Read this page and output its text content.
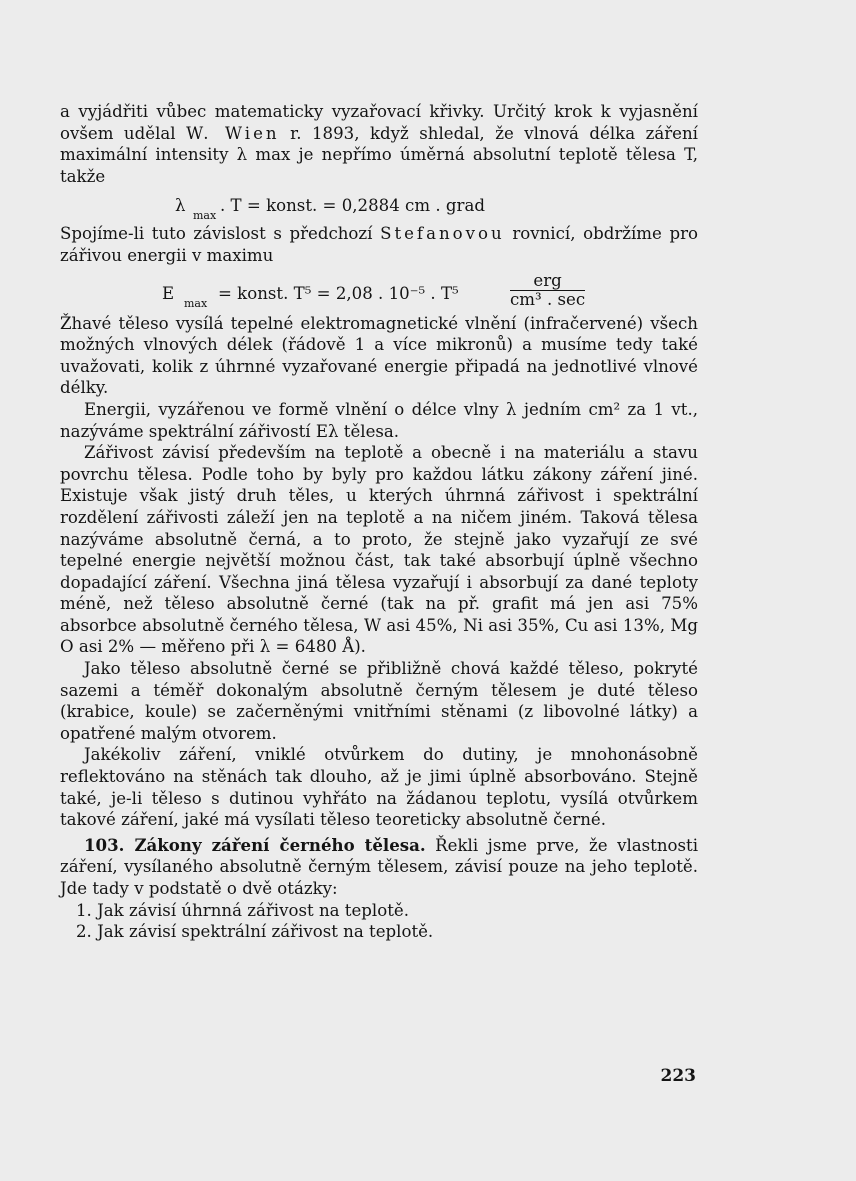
a vyjádřiti vůbec matematicky vyzařovací křivky. Určitý krok k vyjasnění ovšem udělal W. Wien r. 1893, když shledal, že vlnová délka záření maximální intensity λ max je nepřímo úměrná absolutní teplotě tělesa T, takže

λ
max
. T = konst. = 0,2884 cm . grad

Spojíme-li tuto závislost s předchozí Stefanovou rovnicí, obdržíme pro zářivou energii v maximu

E
max
= konst. T⁵ = 2,08 . 10⁻⁵ . T⁵
erg
cm³ . sec

Žhavé těleso vysílá tepelné elektromagnetické vlnění (infračervené) všech možných vlnových délek (řádově 1 a více mikronů) a musíme tedy také uvažovati, kolik z úhrnné vyzařované energie připadá na jednotlivé vlnové délky.

Energii, vyzářenou ve formě vlnění o délce vlny λ jedním cm² za 1 vt., nazýváme spektrální zářivostí Eλ tělesa.

Zářivost závisí především na teplotě a obecně i na materiálu a stavu povrchu tělesa. Podle toho by byly pro každou látku zákony záření jiné. Existuje však jistý druh těles, u kterých úhrnná zářivost i spektrální rozdělení zářivosti záleží jen na teplotě a na ničem jiném. Taková tělesa nazýváme absolutně černá, a to proto, že stejně jako vyzařují ze své tepelné energie největší možnou část, tak také absorbují úplně všechno dopadající záření. Všechna jiná tělesa vyzařují i absorbují za dané teploty méně, než těleso absolutně černé (tak na př. grafit má jen asi 75% absorbce absolutně černého tělesa, W asi 45%, Ni asi 35%, Cu asi 13%, Mg O asi 2% — měřeno při λ = 6480 Å).

Jako těleso absolutně černé se přibližně chová každé těleso, pokryté sazemi a téměř dokonalým absolutně černým tělesem je duté těleso (krabice, koule) se začerněnými vnitřními stěnami (z libovolné látky) a opatřené malým otvorem.

Jakékoliv záření, vniklé otvůrkem do dutiny, je mnohonásobně reflektováno na stěnách tak dlouho, až je jimi úplně absorbováno. Stejně také, je-li těleso s dutinou vyhřáto na žádanou teplotu, vysílá otvůrkem takové záření, jaké má vysílati těleso teoreticky absolutně černé.

103. Zákony záření černého tělesa. Řekli jsme prve, že vlastnosti záření, vysílaného absolutně černým tělesem, závisí pouze na jeho teplotě. Jde tady v podstatě o dvě otázky:

1. Jak závisí úhrnná zářivost na teplotě.

2. Jak závisí spektrální zářivost na teplotě.

223
